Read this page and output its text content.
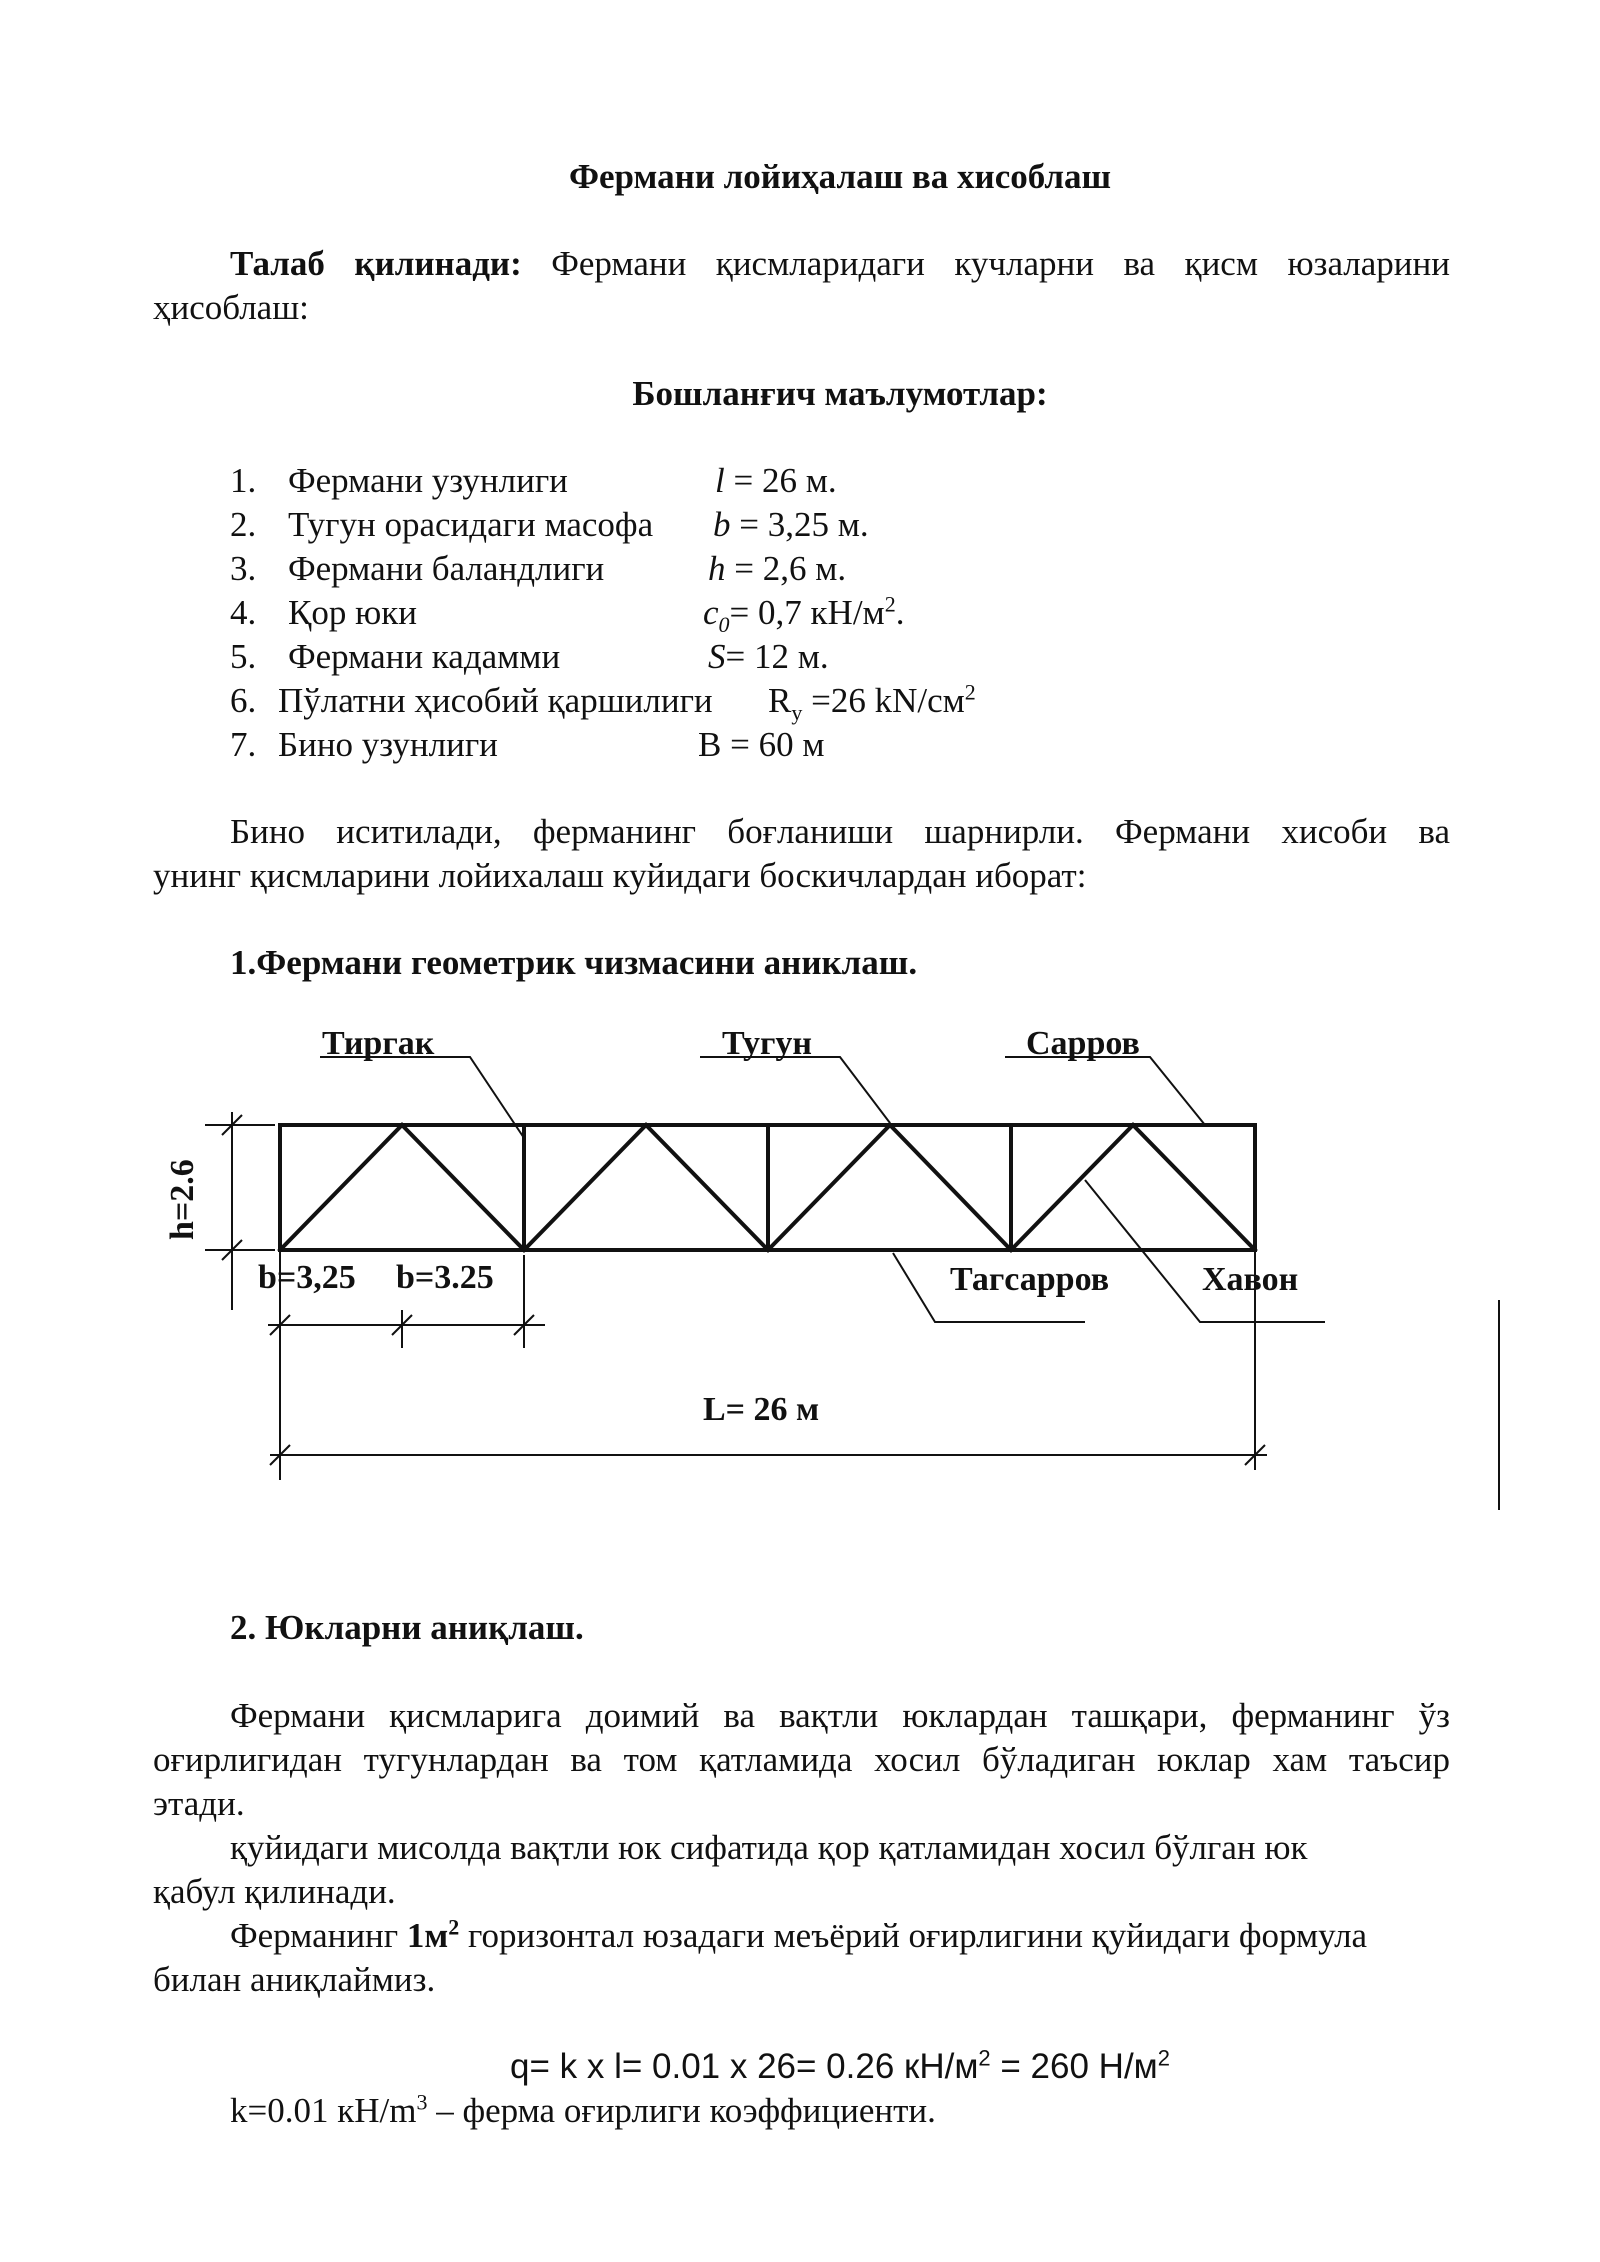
Фермани лойиҳалаш ва хисоблаш
Талаб қилинади: Фермани қисмларидаги кучларни ва қисм юзаларини
ҳисоблаш:
Бошланғич маълумотлар:
1. Фермани узунлиги	l = 26 м.
2. Тугун орасидаги масофа b = 3,25 м.
3. Фермани баландлиги	h = 2,6 м.
4. Қор юки	$c_0= 0,7$ $кН/м^2$.
5. Фермани кадамми	S= 12 м.
6. Пўлатни ҳисобий қаршилиги $R_y =26$ $kN/см^2$
7. Бино узунлиги	B = 60 м
Бино иситилади, ферманинг боғланиши шарнирли. Фермани хисоби ва
унинг қисмларини лойихалаш куйидаги боскичлардан иборат:
1.Фермани геометрик чизмасини аниклаш.
Тиргак	Тугун	Сарров
h=2.6
b=3,25 b=3.25	Тагсарров	Хавон
L= 26 м
2. Юкларни аниқлаш.
Фермани қисмларига доимий ва вақтли юклардан ташқари, ферманинг ўз
оғирлигидан тугунлардан ва том қатламида хосил бўладиган юклар хам таъсир
этади.
қуйидаги мисолда вақтли юк сифатида қор қатламидан хосил бўлган юк
қабул қилинади.
Ферманинг $1м^2$ горизонтал юзадаги меъёрий оғирлигини қуйидаги формула
билан аниқлаймиз.
q= k x l= 0.01 x 26= 0.26 $кН/м^2 = 260$ $Н/м^2$
k=0.01 $кН/m^3$ – ферма оғирлиги коэффициенти.
